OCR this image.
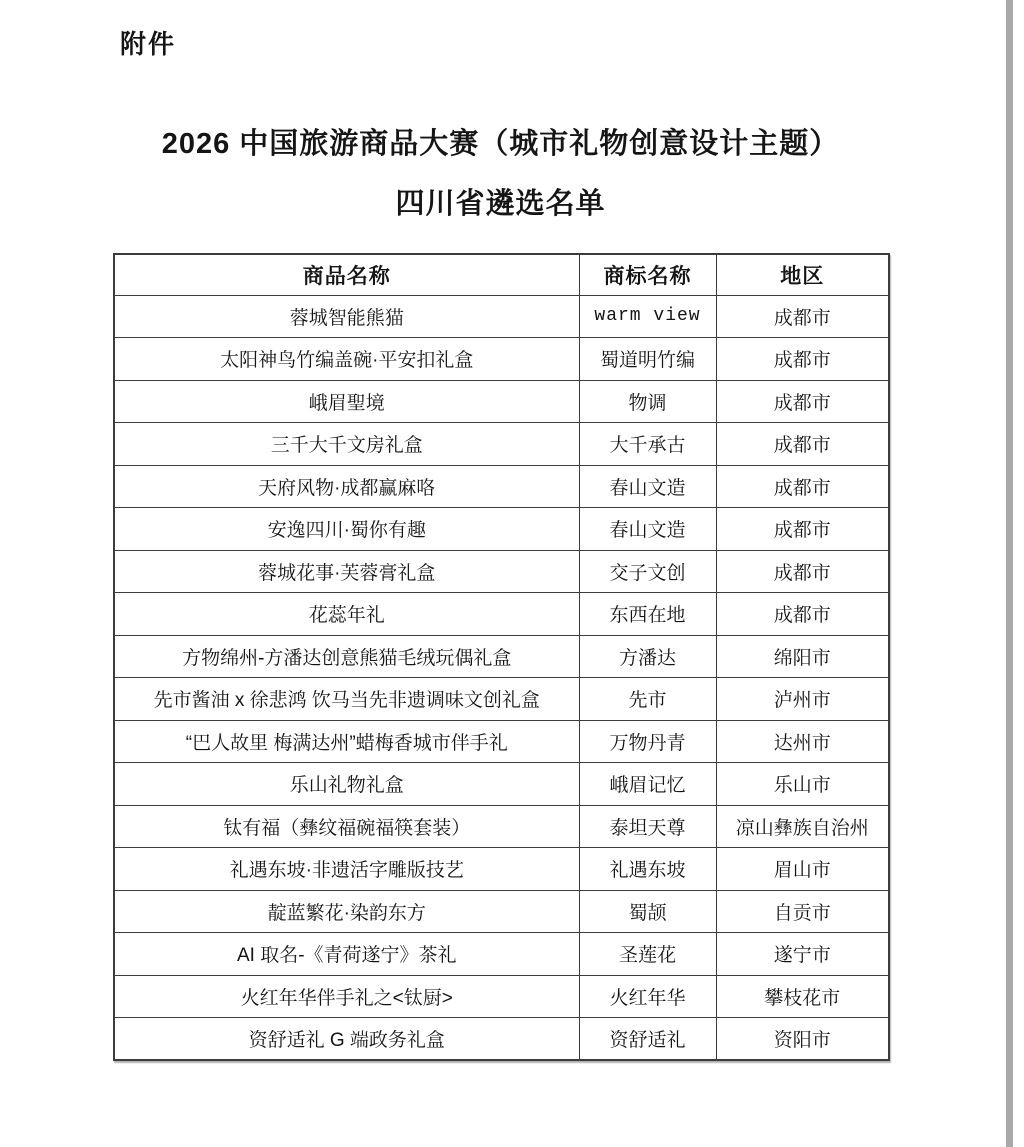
附件
2026 中国旅游商品大赛（城市礼物创意设计主题）
四川省遴选名单
商品名称	商标名称	地区
蓉城智能熊猫	warm view	成都市
太阳神鸟竹编盖碗·平安扣礼盒	蜀道明竹编	成都市
峨眉聖境	物调	成都市
三千大千文房礼盒	大千承古	成都市
天府风物·成都赢麻咯	春山文造	成都市
安逸四川·蜀你有趣	春山文造	成都市
蓉城花事·芙蓉膏礼盒	交子文创	成都市
花蕊年礼	东西在地	成都市
方物绵州-方潘达创意熊猫毛绒玩偶礼盒	方潘达	绵阳市
先市酱油 x 徐悲鸿 饮马当先非遗调味文创礼盒	先市	泸州市
“巴人故里 梅满达州”蜡梅香城市伴手礼	万物丹青	达州市
乐山礼物礼盒	峨眉记忆	乐山市
钛有福（彝纹福碗福筷套装）	泰坦天尊	凉山彝族自治州
礼遇东坡·非遗活字雕版技艺	礼遇东坡	眉山市
靛蓝繁花·染韵东方	蜀颉	自贡市
AI 取名-《青荷遂宁》茶礼	圣莲花	遂宁市
火红年华伴手礼之<钛厨>	火红年华	攀枝花市
资舒适礼 G 端政务礼盒	资舒适礼	资阳市
